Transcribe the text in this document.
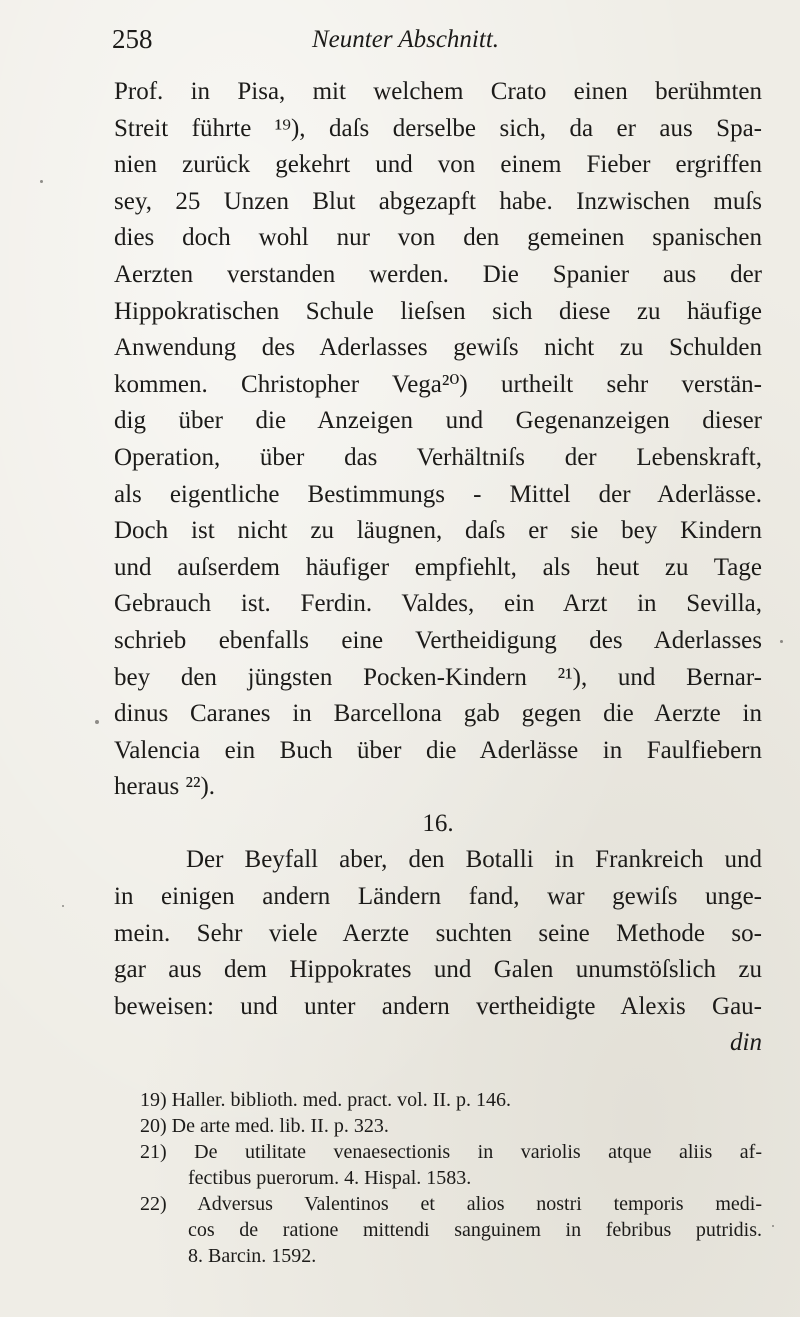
258	Neunter Abschnitt.
Prof. in Pisa, mit welchem Crato einen berühmten
Streit führte ¹⁹), daſs derselbe sich, da er aus Spa-
nien zurück gekehrt und von einem Fieber ergriffen
sey, 25 Unzen Blut abgezapft habe. Inzwischen muſs
dies doch wohl nur von den gemeinen spanischen
Aerzten verstanden werden. Die Spanier aus der
Hippokratischen Schule lieſsen sich diese zu häufige
Anwendung des Aderlasses gewiſs nicht zu Schulden
kommen. Christopher Vega²⁰) urtheilt sehr verstän-
dig über die Anzeigen und Gegenanzeigen dieser
Operation, über das Verhältniſs der Lebenskraft,
als eigentliche Bestimmungs - Mittel der Aderlässe.
Doch ist nicht zu läugnen, daſs er sie bey Kindern
und auſserdem häufiger empfiehlt, als heut zu Tage
Gebrauch ist. Ferdin. Valdes, ein Arzt in Sevilla,
schrieb ebenfalls eine Vertheidigung des Aderlasses
bey den jüngsten Pocken-Kindern ²¹), und Bernar-
dinus Caranes in Barcellona gab gegen die Aerzte in
Valencia ein Buch über die Aderlässe in Faulfiebern
heraus ²²).
16.
Der Beyfall aber, den Botalli in Frankreich und
in einigen andern Ländern fand, war gewiſs unge-
mein. Sehr viele Aerzte suchten seine Methode so-
gar aus dem Hippokrates und Galen unumstöſslich zu
beweisen: und unter andern vertheidigte Alexis Gau-
din
19) Haller. biblioth. med. pract. vol. II. p. 146.
20) De arte med. lib. II. p. 323.
21) De utilitate venaesectionis in variolis atque aliis af-
fectibus puerorum. 4. Hispal. 1583.
22) Adversus Valentinos et alios nostri temporis medi-
cos de ratione mittendi sanguinem in febribus putridis.
8. Barcin. 1592.
